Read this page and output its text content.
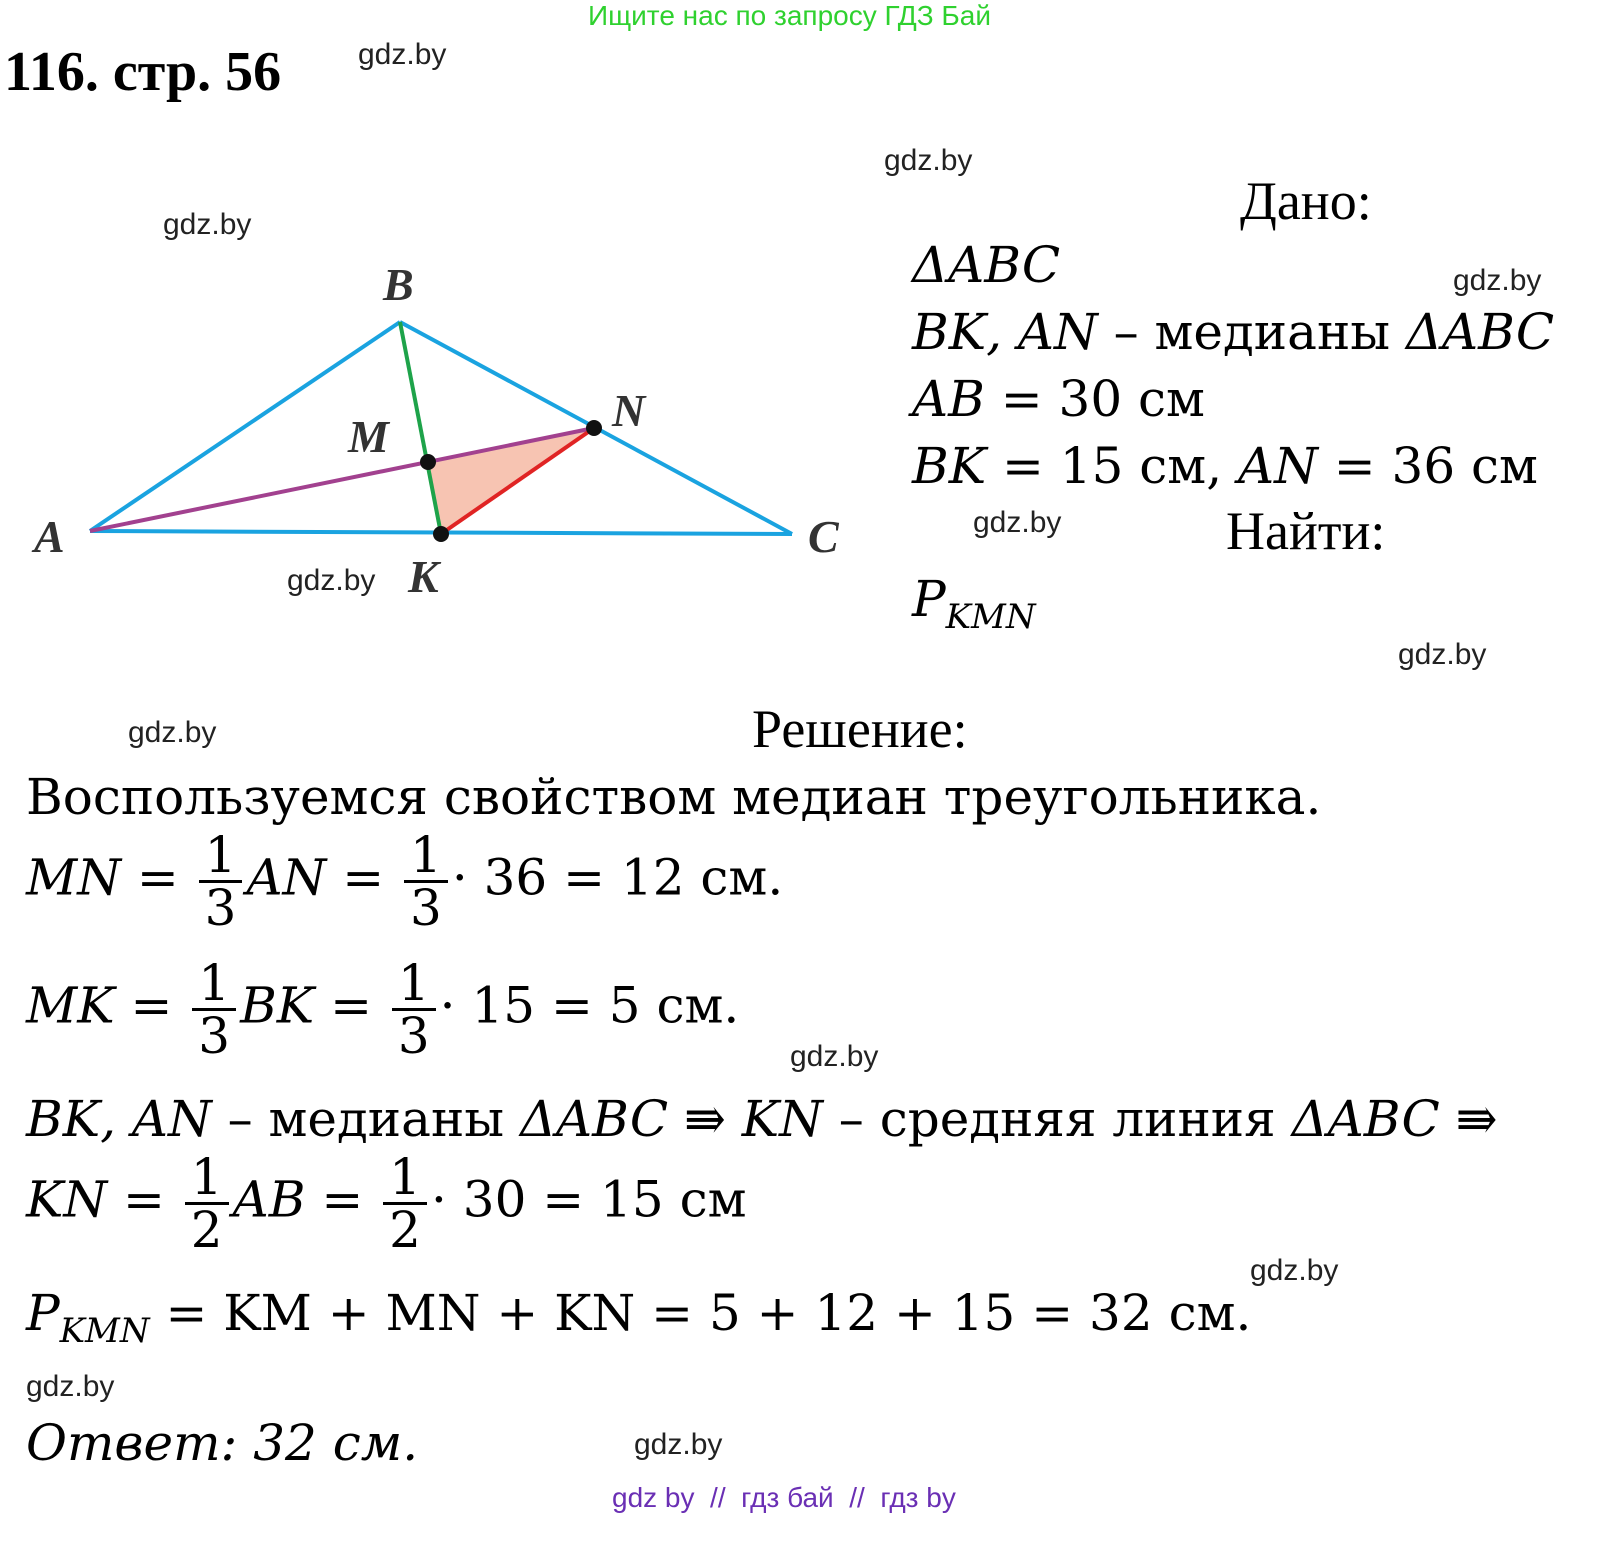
Ищите нас по запросу ГДЗ Бай
116. стр. 56	gdz.by
gdz.by
gdz.by
gdz.by
gdz.by
gdz.by
gdz.by
gdz.by
gdz.by
gdz.by
gdz.by
gdz.by
B
N
M
A	C
K
Дано:
ΔABC
BK, AN – медианы ΔABC
AB = 30 см
BK = 15 см, AN = 36 см
Найти:
$P_{KMN}$
Решение:
Воспользуемся свойством медиан треугольника.
MN = $\frac{1}{3}$ AN = $\frac{1}{3} \cdot 36 = 12$ см.
MK = $\frac{1}{3}$ BK = $\frac{1}{3} \cdot 15 = 5$ см.
BK, AN – медианы ΔABC ⇛ KN – средняя линия ΔABC ⇛
KN = $\frac{1}{2}$ AB = $\frac{1}{2} \cdot 30 = 15$ см
$P_{KMN}$ = KM + MN + KN = 5 + 12 + 15 = 32 см.
Ответ: 32 см.
gdz by  //  гдз бай  //  гдз by
